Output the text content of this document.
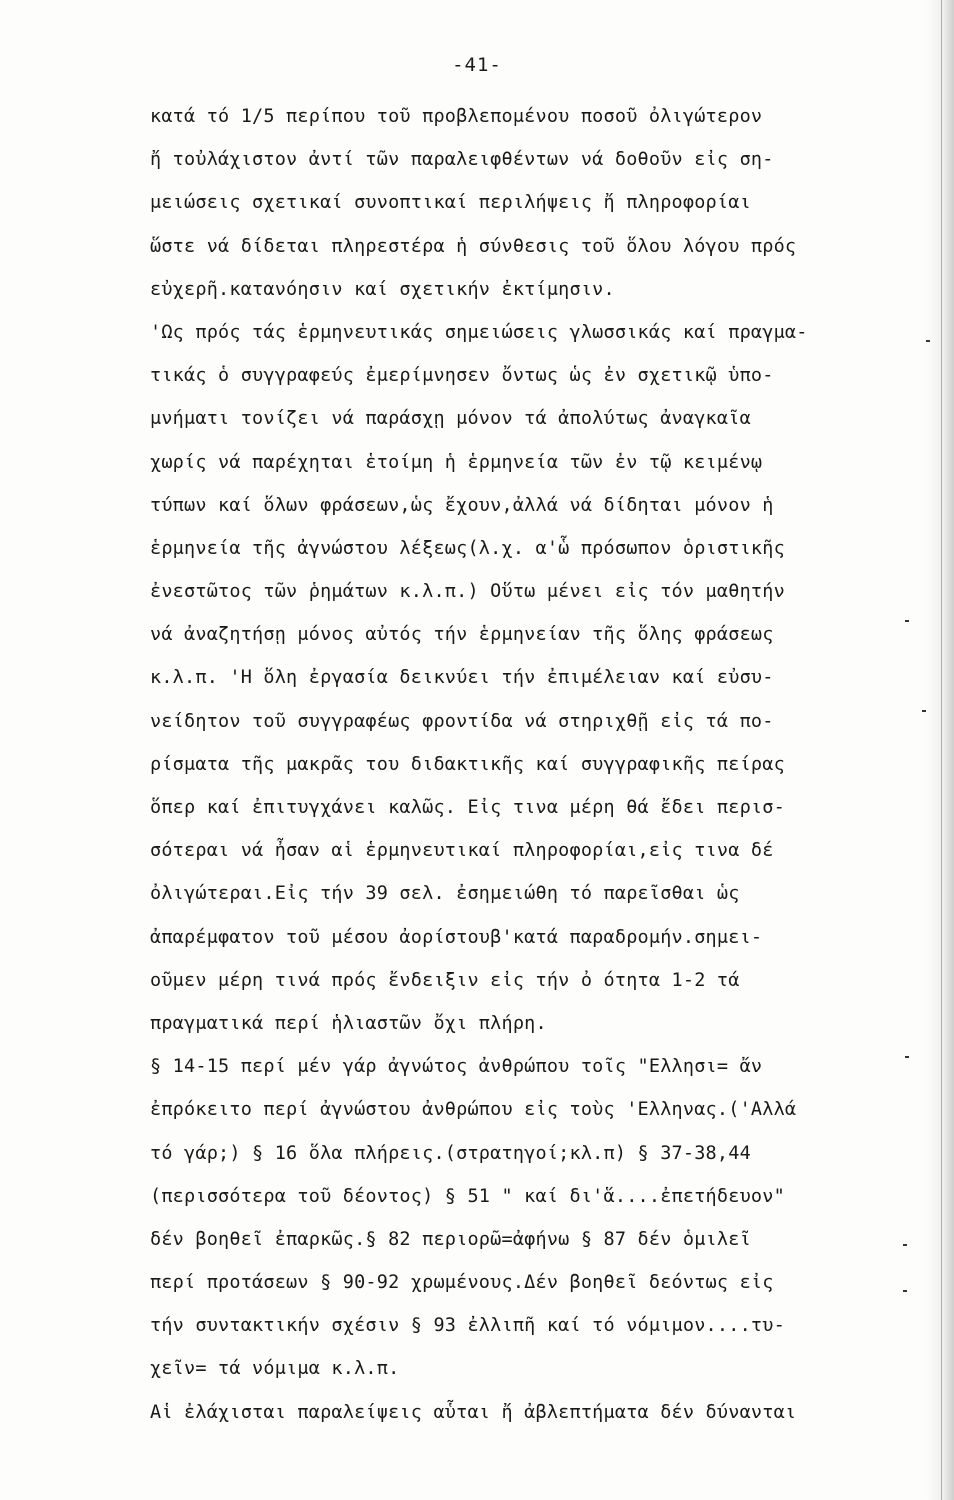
-41-
κατά τό 1/5 περίπου τοῦ προβλεπομένου ποσοῦ ὀλιγώτερον
ἤ τοὐλάχιστον ἀντί τῶν παραλειφθέντων νά δοθοῦν εἰς ση-
μειώσεις σχετικαί συνοπτικαί περιλήψεις ἤ πληροφορίαι
ὥστε νά δίδεται πληρεστέρα ἡ σύνθεσις τοῦ ὅλου λόγου πρός
εὐχερῆ.κατανόησιν καί σχετικήν ἐκτίμησιν.
'Ως πρός τάς ἑρμηνευτικάς σημειώσεις γλωσσικάς καί πραγμα-
τικάς ὁ συγγραφεύς ἐμερίμνησεν ὄντως ὡς ἐν σχετικῷ ὑπο-
μνήματι τονίζει νά παράσχῃ μόνον τά ἀπολύτως ἀναγκαῖα
χωρίς νά παρέχηται ἑτοίμη ἡ ἑρμηνεία τῶν ἐν τῷ κειμένῳ
τύπων καί ὅλων φράσεων,ὡς ἔχουν,ἀλλά νά δίδηται μόνον ἡ
ἑρμηνεία τῆς ἀγνώστου λέξεως(λ.χ. α'ὧ πρόσωπον ὁριστικῆς
ἐνεστῶτος τῶν ῥημάτων κ.λ.π.) Οὕτω μένει εἰς τόν μαθητήν
νά ἀναζητήσῃ μόνος αὐτός τήν ἑρμηνείαν τῆς ὅλης φράσεως
κ.λ.π. 'Η ὅλη ἐργασία δεικνύει τήν ἐπιμέλειαν καί εὐσυ-
νείδητον τοῦ συγγραφέως φροντίδα νά στηριχθῇ εἰς τά πο-
ρίσματα τῆς μακρᾶς του διδακτικῆς καί συγγραφικῆς πείρας
ὅπερ καί ἐπιτυγχάνει καλῶς. Εἰς τινα μέρη θά ἔδει περισ-
σότεραι νά ἦσαν αἱ ἑρμηνευτικαί πληροφορίαι,εἰς τινα δέ
ὀλιγώτεραι.Εἰς τήν 39 σελ. ἐσημειώθη τό παρεῖσθαι ὡς
ἀπαρέμφατον τοῦ μέσου ἀορίστουβ'κατά παραδρομήν.σημει-
οῦμεν μέρη τινά πρός ἔνδειξιν εἰς τήν ὀ ότητα 1-2 τά
πραγματικά περί ἡλιαστῶν ὄχι πλήρη.
§ 14-15 περί μέν γάρ ἀγνώτος ἀνθρώπου τοῖς "Ελλησι= ἄν
ἐπρόκειτο περί ἀγνώστου ἀνθρώπου εἰς τοὺς 'Ελληνας.('Αλλά
τό γάρ;) § 16 ὅλα πλήρεις.(στρατηγοί;κλ.π) § 37-38,44
(περισσότερα τοῦ δέοντος) § 51 " καί δι'ἅ....ἐπετήδευον"
δέν βοηθεῖ ἐπαρκῶς.§ 82 περιορῶ=ἀφήνω § 87 δέν ὁμιλεῖ
περί προτάσεων § 90-92 χρωμένους.Δέν βοηθεῖ δεόντως εἰς
τήν συντακτικήν σχέσιν § 93 ἐλλιπῆ καί τό νόμιμον....τυ-
χεῖν= τά νόμιμα κ.λ.π.
Αἱ ἐλάχισται παραλείψεις αὗται ἤ ἀβλεπτήματα δέν δύνανται
